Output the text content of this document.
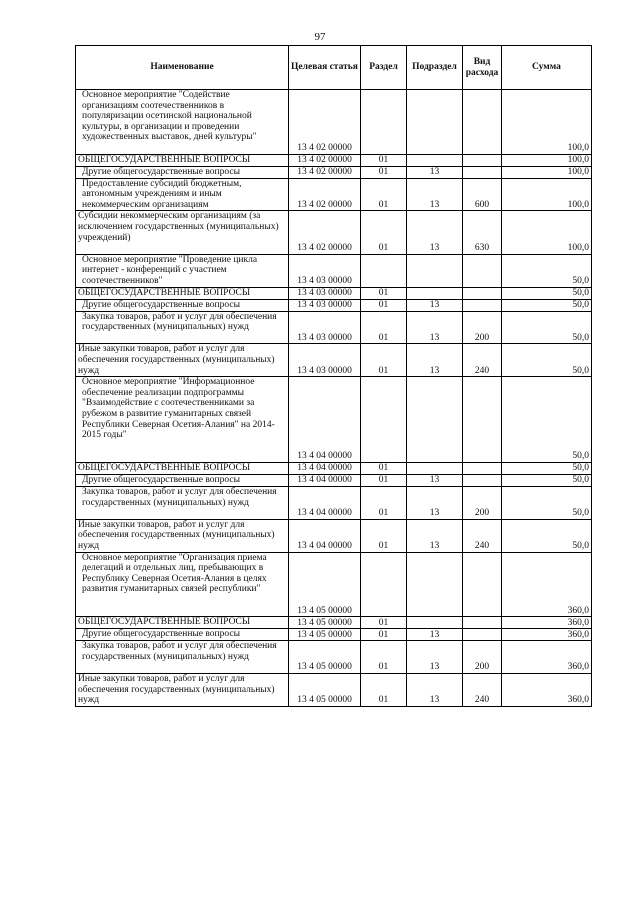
97
Наименование	Целевая статья	Раздел	Подраздел	Вид расхода	Сумма
Основное мероприятие "Содействие организациям соотечественников в популяризации осетинской национальной культуры, в организации и проведении художественных выставок, дней культуры"	13 4 02 00000				100,0
ОБЩЕГОСУДАРСТВЕННЫЕ ВОПРОСЫ	13 4 02 00000	01			100,0
Другие общегосударственные вопросы	13 4 02 00000	01	13		100,0
Предоставление субсидий бюджетным, автономным учреждениям и иным некоммерческим организациям	13 4 02 00000	01	13	600	100,0
Субсидии некоммерческим организациям (за исключением государственных (муниципальных) учреждений)	13 4 02 00000	01	13	630	100,0
Основное мероприятие "Проведение цикла интернет - конференций с участием соотечественников"	13 4 03 00000				50,0
ОБЩЕГОСУДАРСТВЕННЫЕ ВОПРОСЫ	13 4 03 00000	01			50,0
Другие общегосударственные вопросы	13 4 03 00000	01	13		50,0
Закупка товаров, работ и услуг для обеспечения государственных (муниципальных) нужд	13 4 03 00000	01	13	200	50,0
Иные закупки товаров, работ и услуг для обеспечения государственных (муниципальных) нужд	13 4 03 00000	01	13	240	50,0
Основное мероприятие "Информационное обеспечение реализации подпрограммы "Взаимодействие с соотечественниками за рубежом в развитие гуманитарных связей Республики Северная Осетия-Алания" на 2014-2015 годы"	13 4 04 00000				50,0
ОБЩЕГОСУДАРСТВЕННЫЕ ВОПРОСЫ	13 4 04 00000	01			50,0
Другие общегосударственные вопросы	13 4 04 00000	01	13		50,0
Закупка товаров, работ и услуг для обеспечения государственных (муниципальных) нужд	13 4 04 00000	01	13	200	50,0
Иные закупки товаров, работ и услуг для обеспечения государственных (муниципальных) нужд	13 4 04 00000	01	13	240	50,0
Основное мероприятие "Организация приема делегаций и отдельных лиц, пребывающих в Республику Северная Осетия-Алания в целях развития гуманитарных связей республики"	13 4 05 00000				360,0
ОБЩЕГОСУДАРСТВЕННЫЕ ВОПРОСЫ	13 4 05 00000	01			360,0
Другие общегосударственные вопросы	13 4 05 00000	01	13		360,0
Закупка товаров, работ и услуг для обеспечения государственных (муниципальных) нужд	13 4 05 00000	01	13	200	360,0
Иные закупки товаров, работ и услуг для обеспечения государственных (муниципальных) нужд	13 4 05 00000	01	13	240	360,0
